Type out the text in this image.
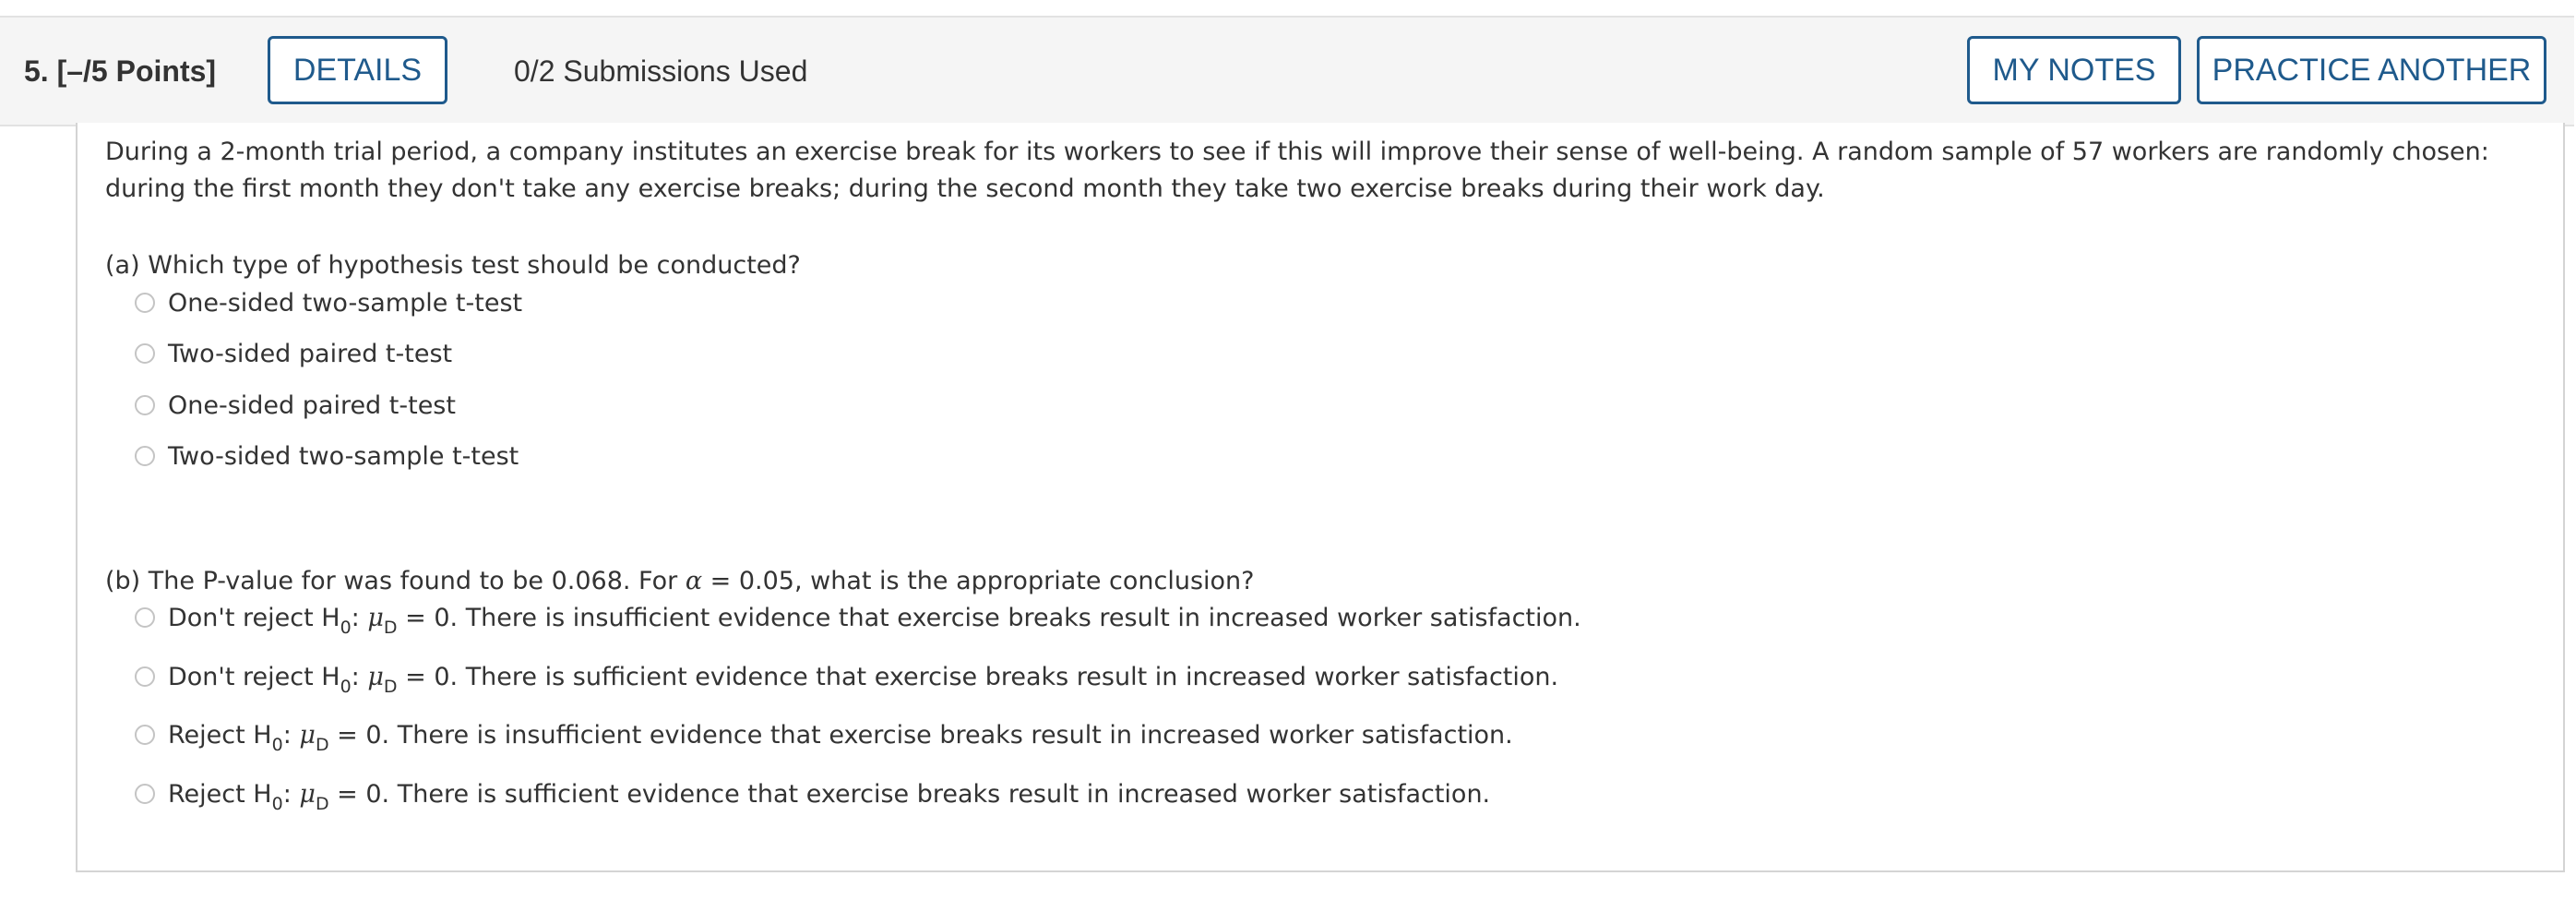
5. [–/5 Points]	DETAILS	0/2 Submissions Used	MY NOTES	PRACTICE ANOTHER

During a 2-month trial period, a company institutes an exercise break for its workers to see if this will improve their sense of well-being. A random sample of 57 workers are randomly chosen: during the first month they don't take any exercise breaks; during the second month they take two exercise breaks during their work day.

(a) Which type of hypothesis test should be conducted?

One-sided two-sample t-test
Two-sided paired t-test
One-sided paired t-test
Two-sided two-sample t-test

(b) The P-value for was found to be 0.068. For α = 0.05, what is the appropriate conclusion?

Don't reject $H_0$: $\mu_D = 0$. There is insufficient evidence that exercise breaks result in increased worker satisfaction.
Don't reject $H_0$: $\mu_D = 0$. There is sufficient evidence that exercise breaks result in increased worker satisfaction.
Reject $H_0$: $\mu_D = 0$. There is insufficient evidence that exercise breaks result in increased worker satisfaction.
Reject $H_0$: $\mu_D = 0$. There is sufficient evidence that exercise breaks result in increased worker satisfaction.
